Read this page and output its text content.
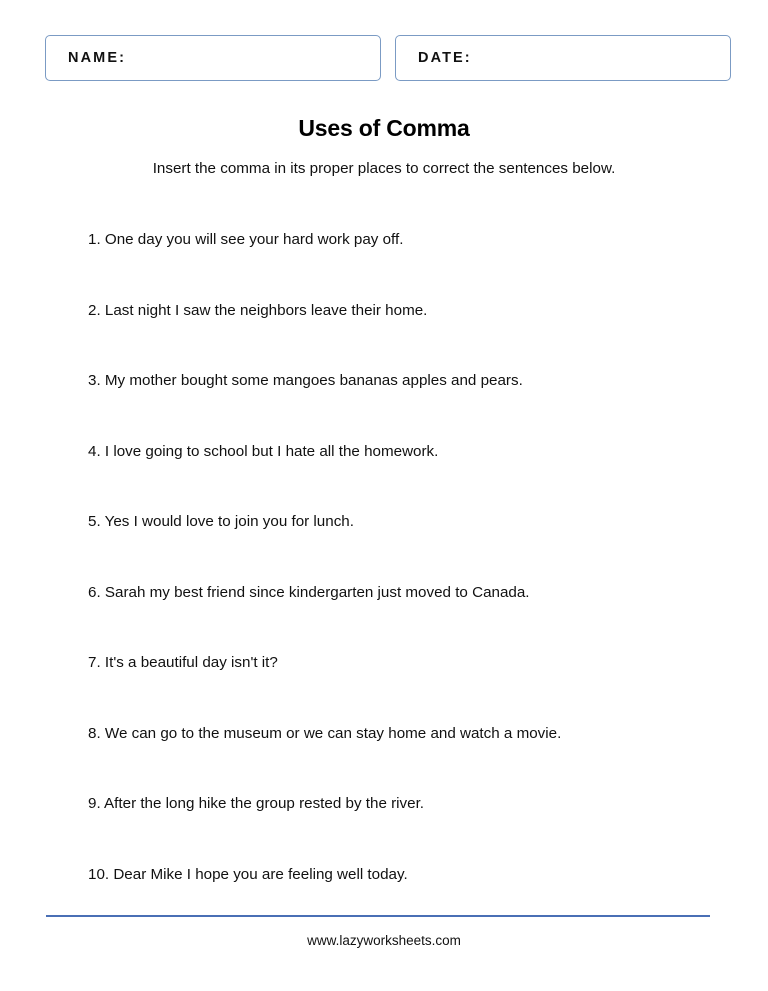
NAME:	DATE:
Uses of Comma
Insert the comma in its proper places to correct the sentences below.
1. One day you will see your hard work pay off.
2. Last night I saw the neighbors leave their home.
3. My mother bought some mangoes bananas apples and pears.
4. I love going to school but I hate all the homework.
5. Yes I would love to join you for lunch.
6. Sarah my best friend since kindergarten just moved to Canada.
7. It's a beautiful day isn't it?
8. We can go to the museum or we can stay home and watch a movie.
9. After the long hike the group rested by the river.
10. Dear Mike I hope you are feeling well today.
www.lazyworksheets.com
